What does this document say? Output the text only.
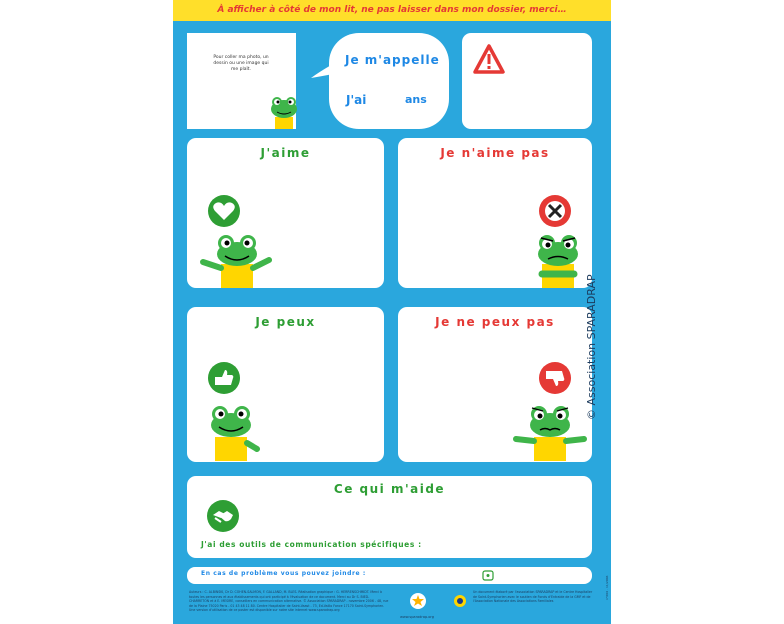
À afficher à côté de mon lit, ne pas laisser dans mon dossier, merci…
Pour coller ma photo, un dessin ou une image qui me plaît.
Je m'appelle
J'ai	ans
J'aime	Je n'aime pas
Je peux	Je ne peux pas
Ce qui m'aide
J'ai des outils de communication spécifiques :
En cas de problème vous pouvez joindre :
Auteurs : C. ALBINSKI, Dr D. COHEN-SALMON, F. GALLAND, M. BLES. Réalisation graphique : G. HERRENSCHMIDT. Merci à toutes les personnes et aux établissements qui ont participé à l'évaluation de ce document. Merci au Dr S. BIED-CHARRETON et à E. MESIRE, conseillers en communication alternative. © Association SPARADRAP - novembre 2006 - 48, rue de la Plaine 75020 Paris - 01 43 48 11 80. Centre Hospitalier de Saint-Vaast - 73, Ed-Vaillo Fonce 17170 Saint-Symphorien. Une version d'utilisation de ce poster est disponible sur notre site internet www.sparadrap.org
www.sparadrap.org
Un document élaboré par l'association SPARADRAP et le Centre Hospitalier de Saint-Symphorien avec le soutien de Fonds d'Entraide de la GMF et de l'Association Nationale des Associations Familiales
© Association SPARADRAP
n°006 · 11/2006
